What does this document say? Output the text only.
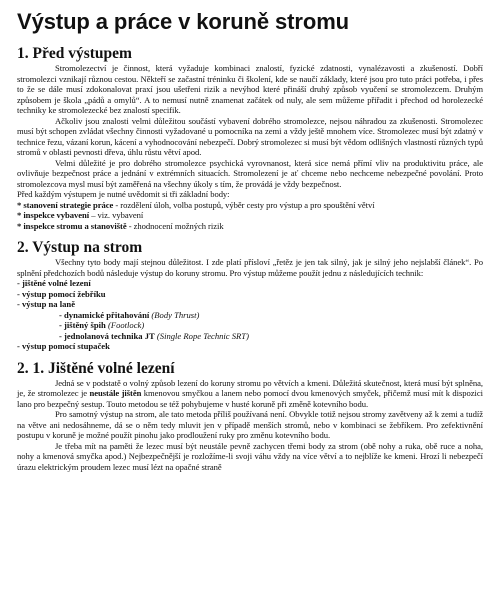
Výstup a práce v koruně stromu
1. Před výstupem

Stromolezectví je činnost, která vyžaduje kombinaci znalostí, fyzické zdatnosti, vynalézavosti a zkušeností. Dobří stromolezci vznikají různou cestou. Někteří se začastní tréninku či školení, kde se naučí základy, které jsou pro tuto práci potřeba, i přes to že se dále musí zdokonalovat praxí jsou ušetřeni rizik a nevýhod které přináší druhý způsob vyučení se stromolezcem. Druhým způsobem je škola „pádů a omylů“. A to nemusí nutně znamenat začátek od nuly, ale sem můžeme přiřadit i přechod od horolezecké techniky ke stromolezecké bez znalostí specifik.

Ačkoliv jsou znalosti velmi důležitou součástí vybavení dobrého stromolezce, nejsou náhradou za zkušenosti. Stromolezec musí být schopen zvládat všechny činnosti vyžadované u pomocníka na zemi a vždy ještě mnohem více. Stromolezec musí být zdatný v technice řezu, vázaní korun, kácení a vyhodnocování nebezpečí. Dobrý stromolezec si musí být vědom odlišných vlastností různých typů stromů v oblasti pevnosti dřeva, úhlu růstu větví apod.

Velmi důležité je pro dobrého stromolezce psychická vyrovnanost, která sice nemá přímí vliv na produktivitu práce, ale ovlivňuje bezpečnost práce a jednání v extrémních situacích. Stromolezení je ať chceme nebo nechceme nebezpečné povolání. Proto stromolezcova mysl musí být zaměřená na všechny úkoly s tím, že provádá je vždy bezpečnost.

Před každým výstupem je nutné uvědomit si tři základní body:

* stanovení strategie práce - rozdělení úloh, volba postupů, výběr cesty pro výstup a pro spouštění větví

* inspekce vybavení – viz. vybavení

* inspekce stromu a stanoviště - zhodnocení možných rizik

2. Výstup na strom

Všechny tyto body mají stejnou důležitost. I zde platí přísloví „řetěz je jen tak silný, jak je silný jeho nejslabší článek“. Po splnění předchozích bodů následuje výstup do koruny stromu. Pro výstup můžeme použít jednu z následujících technik:

- jištěné volné lezení
- výstup pomocí žebříku
- výstup na laně
- dynamické přitahování (Body Thrust)
- jištěný špih (Footlock)
- jednolanová technika JT (Single Rope Technic SRT)
- výstup pomocí stupaček
2. 1. Jištěné volné lezení

Jedná se v podstatě o volný způsob lezení do koruny stromu po větvích a kmeni. Důležitá skutečnost, která musí být splněna, je, že stromolezec je neustále jištěn kmenovou smyčkou a lanem nebo pomocí dvou kmenových smyček, přičemž musí mít k dispozici lano pro bezpečný sestup. Touto metodou se též pohybujeme v husté koruně při změně kotevního bodu.

Pro samotný výstup na strom, ale tato metoda příliš používaná není. Obvykle totiž nejsou stromy zavětveny až k zemi a tudíž na větve ani nedosáhneme, dá se o něm tedy mluvit jen v případě menších stromů, nebo v kombinaci se žebříkem. Pro zefektivnění postupu v koruně je možné použít pinohu jako prodloužení ruky pro změnu kotevního bodu.

Je třeba mít na paměti že lezec musí být neustále pevně zachycen třemi body za strom (obě nohy a ruka, obě ruce a noha, nohy a kmenová smyčka apod.) Nejbezpečnější je rozložíme-li svoji váhu vždy na více větví a to nejblíže ke kmeni. Hrozí li nebezpečí úrazu elektrickým proudem lezec musí lézt na opačné straně
